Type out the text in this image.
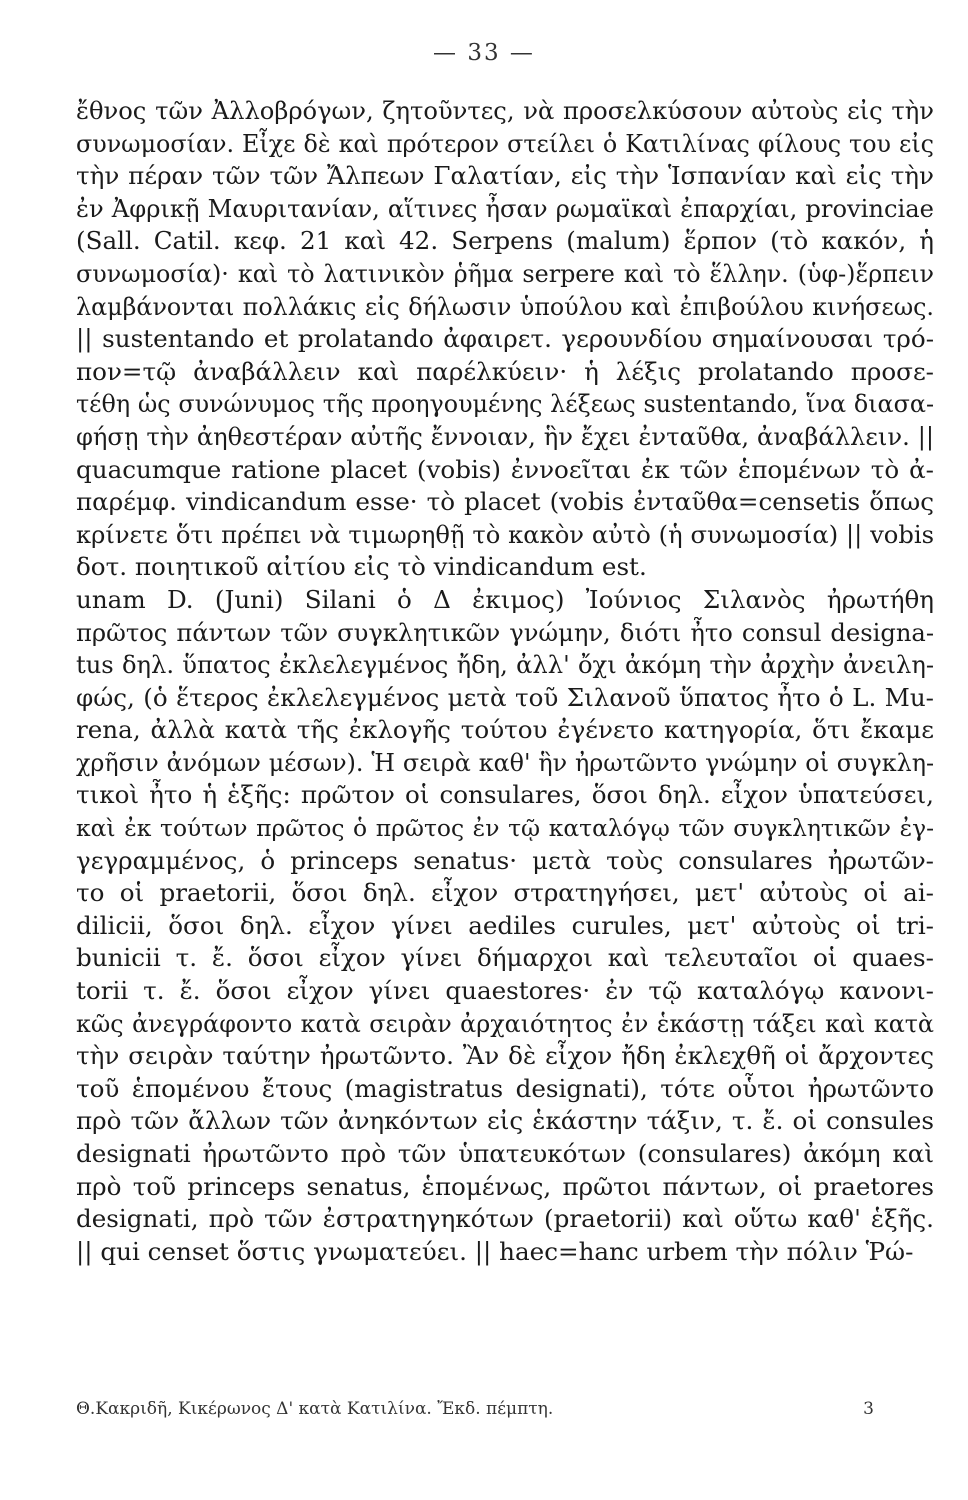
— 33 —
ἔθνος τῶν Ἀλλοβρόγων, ζητοῦντες, νὰ προσελκύσουν αὐτοὺς εἰς τὴν
συνωμοσίαν. Εἶχε δὲ καὶ πρότερον στείλει ὁ Κατιλίνας φίλους του εἰς
τὴν πέραν τῶν τῶν Ἄλπεων Γαλατίαν, εἰς τὴν Ἱσπανίαν καὶ εἰς τὴν
ἐν Ἀφρικῇ Μαυριτανίαν, αἵτινες ἦσαν ρωμαϊκαὶ ἐπαρχίαι, provinciae
(Sall. Catil. κεφ. 21 καὶ 42. Serpens (malum) ἕρπον (τὸ κακόν, ἡ
συνωμοσία)· καὶ τὸ λατινικὸν ῥῆμα serpere καὶ τὸ ἕλλην. (ὑφ-)ἕρπειν
λαμβάνονται πολλάκις εἰς δήλωσιν ὑπούλου καὶ ἐπιβούλου κινήσεως.
|| sustentando et prolatando ἀφαιρετ. γερουνδίου σημαίνουσαι τρό-
πον=τῷ ἀναβάλλειν καὶ παρέλκύειν· ἡ λέξις prolatando προσε-
τέθη ὡς συνώνυμος τῆς προηγουμένης λέξεως sustentando, ἵνα διασα-
φήσῃ τὴν ἀηθεστέραν αὐτῆς ἔννοιαν, ἣν ἔχει ἐνταῦθα, ἀναβάλλειν. ||
quacumque ratione placet (vobis) ἐννοεῖται ἐκ τῶν ἑπομένων τὸ ἀ-
παρέμφ. vindicandum esse· τὸ placet (vobis ἐνταῦθα=censetis ὅπως
κρίνετε ὅτι πρέπει νὰ τιμωρηθῇ τὸ κακὸν αὐτὸ (ἡ συνωμοσία) || vobis
δοτ. ποιητικοῦ αἰτίου εἰς τὸ vindicandum est.
unam D. (Juni) Silani ὁ Δ ἐκιμος) Ἰούνιος Σιλανὸς ἠρωτήθη
πρῶτος πάντων τῶν συγκλητικῶν γνώμην, διότι ἦτο consul designa-
tus δηλ. ὕπατος ἐκλελεγμένος ἤδη, ἀλλ' ὄχι ἀκόμη τὴν ἀρχὴν ἀνειλη-
φώς, (ὁ ἕτερος ἐκλελεγμένος μετὰ τοῦ Σιλανοῦ ὕπατος ἦτο ὁ L. Mu-
rena, ἀλλὰ κατὰ τῆς ἐκλογῆς τούτου ἐγένετο κατηγορία, ὅτι ἔκαμε
χρῆσιν ἀνόμων μέσων). Ἡ σειρὰ καθ' ἣν ἠρωτῶντο γνώμην οἱ συγκλη-
τικοὶ ἦτο ἡ ἑξῆς: πρῶτον οἱ consulares, ὅσοι δηλ. εἶχον ὑπατεύσει,
καὶ ἐκ τούτων πρῶτος ὁ πρῶτος ἐν τῷ καταλόγῳ τῶν συγκλητικῶν ἐγ-
γεγραμμένος, ὁ princeps senatus· μετὰ τοὺς consulares ἠρωτῶν-
το οἱ praetorii, ὅσοι δηλ. εἶχον στρατηγήσει, μετ' αὐτοὺς οἱ ai-
dilicii, ὅσοι δηλ. εἶχον γίνει aediles curules, μετ' αὐτοὺς οἱ tri-
bunicii τ. ἔ. ὅσοι εἶχον γίνει δήμαρχοι καὶ τελευταῖοι οἱ quaes-
torii τ. ἔ. ὅσοι εἶχον γίνει quaestores· ἐν τῷ καταλόγῳ κανονι-
κῶς ἀνεγράφοντο κατὰ σειρὰν ἀρχαιότητος ἐν ἑκάστῃ τάξει καὶ κατὰ
τὴν σειρὰν ταύτην ἠρωτῶντο. Ἂν δὲ εἶχον ἤδη ἐκλεχθῆ οἱ ἄρχοντες
τοῦ ἑπομένου ἔτους (magistratus designati), τότε οὗτοι ἠρωτῶντο
πρὸ τῶν ἄλλων τῶν ἀνηκόντων εἰς ἑκάστην τάξιν, τ. ἔ. οἱ consules
designati ἠρωτῶντο πρὸ τῶν ὑπατευκότων (consulares) ἀκόμη καὶ
πρὸ τοῦ princeps senatus, ἑπομένως, πρῶτοι πάντων, οἱ praetores
designati, πρὸ τῶν ἐστρατηγηκότων (praetorii) καὶ οὕτω καθ' ἑξῆς.
|| qui censet ὅστις γνωματεύει. || haec=hanc urbem τὴν πόλιν Ῥώ-
Θ.Κακριδῆ, Κικέρωνος Δ' κατὰ Κατιλίνα. Ἔκδ. πέμπτη.	3
